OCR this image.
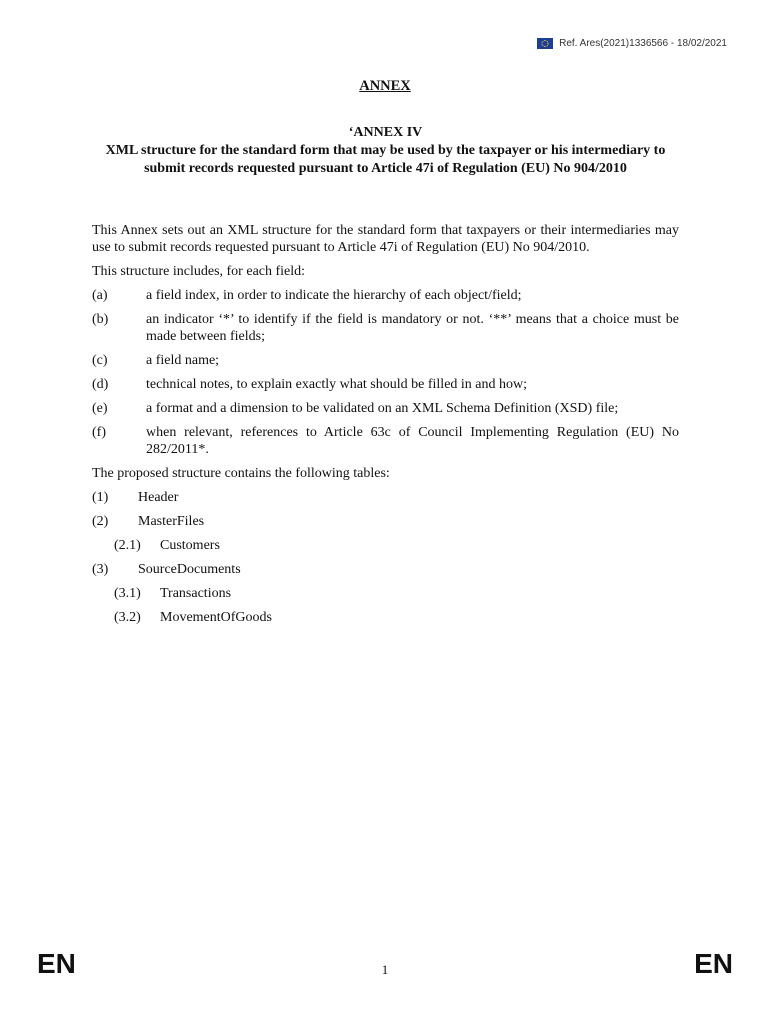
Ref. Ares(2021)1336566 - 18/02/2021
ANNEX
‘ANNEX IV
XML structure for the standard form that may be used by the taxpayer or his intermediary to submit records requested pursuant to Article 47i of Regulation (EU) No 904/2010

This Annex sets out an XML structure for the standard form that taxpayers or their intermediaries may use to submit records requested pursuant to Article 47i of Regulation (EU) No 904/2010.

This structure includes, for each field:

(a)	a field index, in order to indicate the hierarchy of each object/field;
(b)	an indicator ‘*’ to identify if the field is mandatory or not. ‘**’ means that a choice must be made between fields;
(c)	a field name;
(d)	technical notes, to explain exactly what should be filled in and how;
(e)	a format and a dimension to be validated on an XML Schema Definition (XSD) file;
(f)	when relevant, references to Article 63c of Council Implementing Regulation (EU) No 282/2011*.

The proposed structure contains the following tables:

(1)	Header
(2)	MasterFiles
(2.1)	Customers
(3)	SourceDocuments
(3.1)	Transactions
(3.2)	MovementOfGoods
EN	1	EN
